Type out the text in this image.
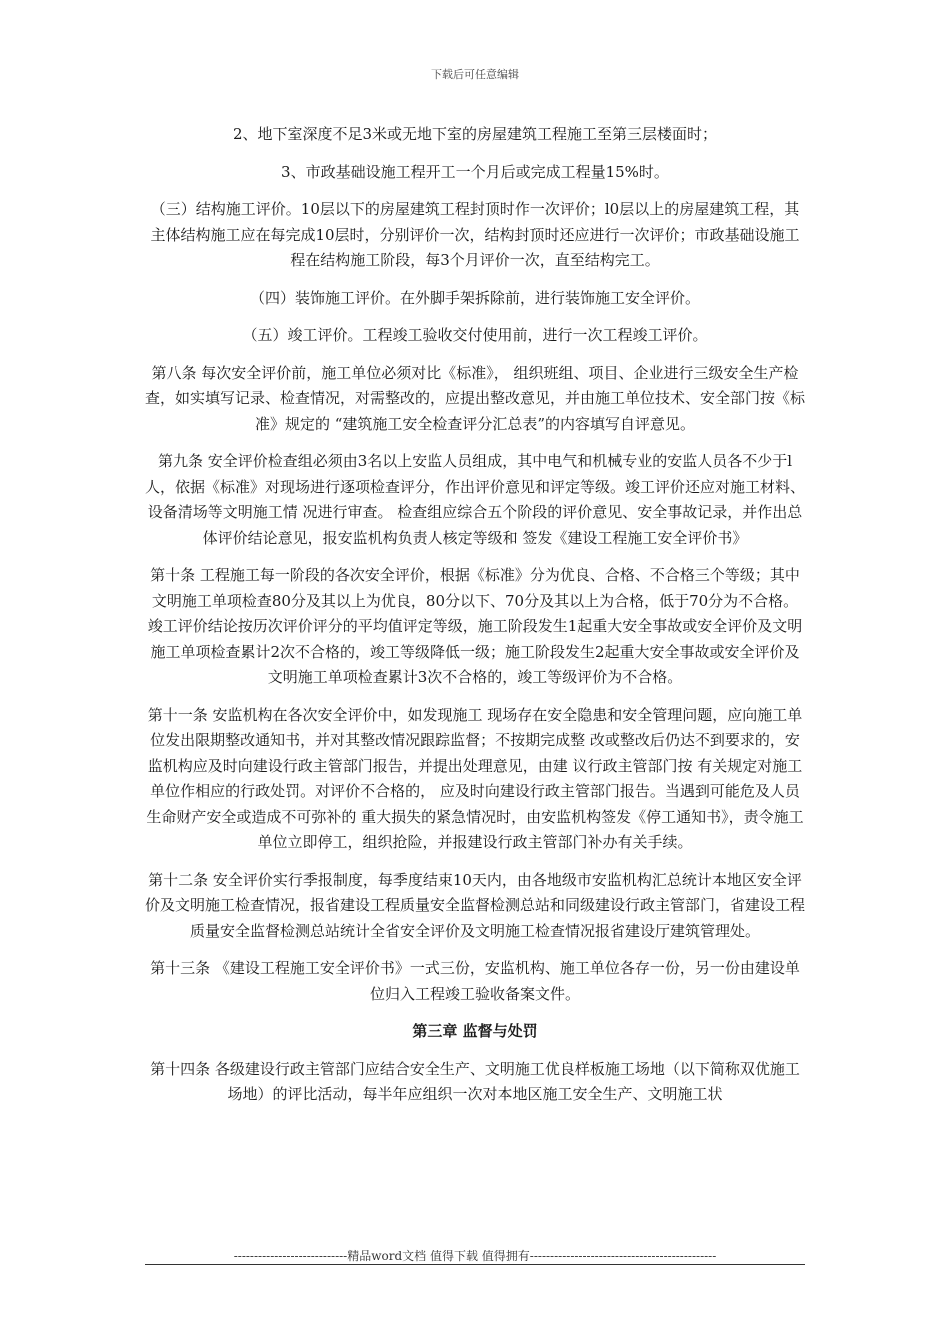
下载后可任意编辑

2、地下室深度不足3米或无地下室的房屋建筑工程施工至第三层楼面时；

3、市政基础设施工程开工一个月后或完成工程量15%时。

（三）结构施工评价。10层以下的房屋建筑工程封顶时作一次评价；l0层以上的房屋建筑工程，其主体结构施工应在每完成10层时，分别评价一次，结构封顶时还应进行一次评价；市政基础设施工程在结构施工阶段，每3个月评价一次，直至结构完工。

（四）装饰施工评价。在外脚手架拆除前，进行装饰施工安全评价。

（五）竣工评价。工程竣工验收交付使用前，进行一次工程竣工评价。

第八条 每次安全评价前，施工单位必须对比《标准》， 组织班组、项目、企业进行三级安全生产检查，如实填写记录、检查情况，对需整改的，应提出整改意见，并由施工单位技术、安全部门按《标准》规定的 “建筑施工安全检查评分汇总表”的内容填写自评意见。

第九条 安全评价检查组必须由3名以上安监人员组成，其中电气和机械专业的安监人员各不少于l人，依据《标准》对现场进行逐项检查评分，作出评价意见和评定等级。竣工评价还应对施工材料、设备清场等文明施工情 况进行审查。 检查组应综合五个阶段的评价意见、安全事故记录，并作出总体评价结论意见，报安监机构负责人核定等级和 签发《建设工程施工安全评价书》

第十条 工程施工每一阶段的各次安全评价，根据《标准》分为优良、合格、不合格三个等级；其中文明施工单项检查80分及其以上为优良，80分以下、70分及其以上为合格，低于70分为不合格。竣工评价结论按历次评价评分的平均值评定等级，施工阶段发生1起重大安全事故或安全评价及文明施工单项检查累计2次不合格的，竣工等级降低一级；施工阶段发生2起重大安全事故或安全评价及文明施工单项检查累计3次不合格的，竣工等级评价为不合格。

第十一条 安监机构在各次安全评价中，如发现施工 现场存在安全隐患和安全管理问题，应向施工单位发出限期整改通知书，并对其整改情况跟踪监督；不按期完成整 改或整改后仍达不到要求的，安监机构应及时向建设行政主管部门报告，并提出处理意见，由建 议行政主管部门按 有关规定对施工单位作相应的行政处罚。对评价不合格的， 应及时向建设行政主管部门报告。当遇到可能危及人员生命财产安全或造成不可弥补的 重大损失的紧急情况时，由安监机构签发《停工通知书》，责令施工单位立即停工，组织抢险，并报建设行政主管部门补办有关手续。

第十二条 安全评价实行季报制度，每季度结束10天内，由各地级市安监机构汇总统计本地区安全评价及文明施工检查情况，报省建设工程质量安全监督检测总站和同级建设行政主管部门，省建设工程质量安全监督检测总站统计全省安全评价及文明施工检查情况报省建设厅建筑管理处。

第十三条 《建设工程施工安全评价书》一式三份，安监机构、施工单位各存一份，另一份由建设单位归入工程竣工验收备案文件。

第三章 监督与处罚

第十四条 各级建设行政主管部门应结合安全生产、文明施工优良样板施工场地（以下简称双优施工场地）的评比活动，每半年应组织一次对本地区施工安全生产、文明施工状

----------------------------精品word文档 值得下载 值得拥有----------------------------------------------
